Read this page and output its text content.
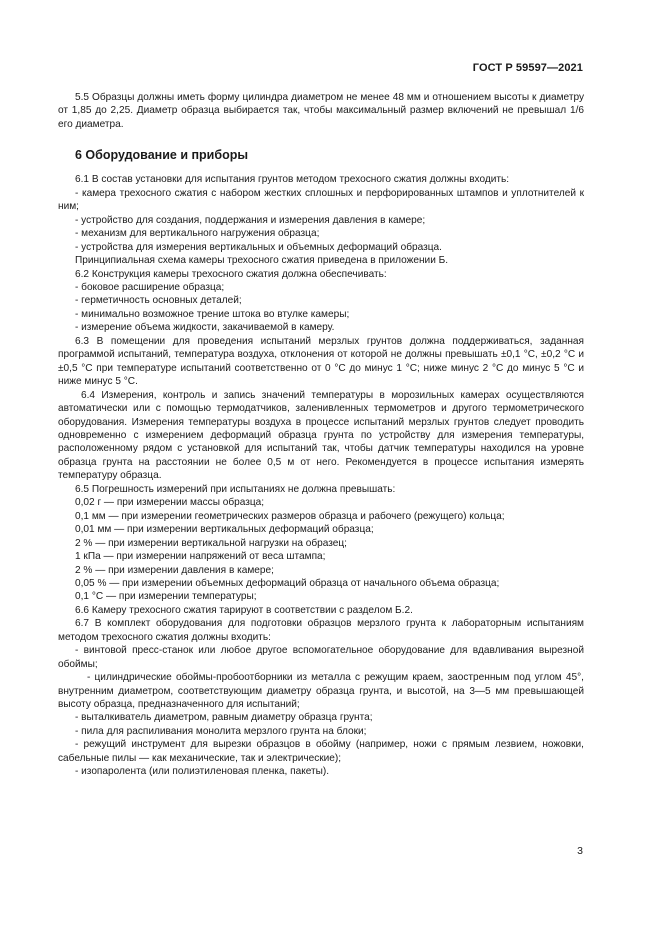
ГОСТ Р 59597—2021

5.5 Образцы должны иметь форму цилиндра диаметром не менее 48 мм и отношением высоты к диаметру от 1,85 до 2,25. Диаметр образца выбирается так, чтобы максимальный размер включений не превышал 1/6 его диаметра.

6 Оборудование и приборы

6.1 В состав установки для испытания грунтов методом трехосного сжатия должны входить:

- камера трехосного сжатия с набором жестких сплошных и перфорированных штампов и уплотнителей к ним;

- устройство для создания, поддержания и измерения давления в камере;

- механизм для вертикального нагружения образца;

- устройства для измерения вертикальных и объемных деформаций образца.

Принципиальная схема камеры трехосного сжатия приведена в приложении Б.

6.2 Конструкция камеры трехосного сжатия должна обеспечивать:

- боковое расширение образца;

- герметичность основных деталей;

- минимально возможное трение штока во втулке камеры;

- измерение объема жидкости, закачиваемой в камеру.

6.3 В помещении для проведения испытаний мерзлых грунтов должна поддерживаться, заданная программой испытаний, температура воздуха, отклонения от которой не должны превышать ±0,1 °С, ±0,2 °С и ±0,5 °С при температуре испытаний соответственно от 0 °С до минус 1 °С; ниже минус 2 °С до минус 5 °С и ниже минус 5 °С.

6.4 Измерения, контроль и запись значений температуры в морозильных камерах осуществляются автоматически или с помощью термодатчиков, заленивленных термометров и другого термометрического оборудования. Измерения температуры воздуха в процессе испытаний мерзлых грунтов следует проводить одновременно с измерением деформаций образца грунта по устройству для измерения температуры, расположенному рядом с установкой для испытаний так, чтобы датчик температуры находился на уровне образца грунта на расстоянии не более 0,5 м от него. Рекомендуется в процессе испытания измерять температуру образца.

6.5 Погрешность измерений при испытаниях не должна превышать:

0,02 г — при измерении массы образца;

0,1 мм — при измерении геометрических размеров образца и рабочего (режущего) кольца;

0,01 мм — при измерении вертикальных деформаций образца;

2 % — при измерении вертикальной нагрузки на образец;

1 кПа — при измерении напряжений от веса штампа;

2 % — при измерении давления в камере;

0,05 % — при измерении объемных деформаций образца от начального объема образца;

0,1 °С — при измерении температуры;

6.6 Камеру трехосного сжатия тарируют в соответствии с разделом Б.2.

6.7 В комплект оборудования для подготовки образцов мерзлого грунта к лабораторным испытаниям методом трехосного сжатия должны входить:

- винтовой пресс-станок или любое другое вспомогательное оборудование для вдавливания вырезной обоймы;

- цилиндрические обоймы-пробоотборники из металла с режущим краем, заостренным под углом 45°, внутренним диаметром, соответствующим диаметру образца грунта, и высотой, на 3—5 мм превышающей высоту образца, предназначенного для испытаний;

- выталкиватель диаметром, равным диаметру образца грунта;

- пила для распиливания монолита мерзлого грунта на блоки;

- режущий инструмент для вырезки образцов в обойму (например, ножи с прямым лезвием, ножовки, сабельные пилы — как механические, так и электрические);

- изопаролента (или полиэтиленовая пленка, пакеты).

3
